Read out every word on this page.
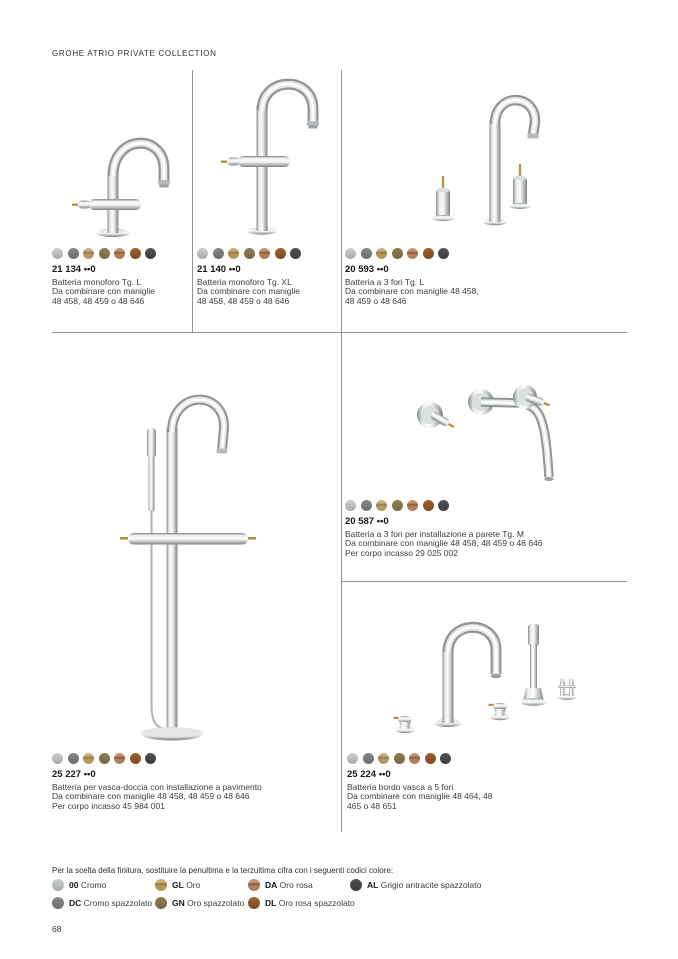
GROHE ATRIO PRIVATE COLLECTION
21 134 ••0
Batteria monoforo Tg. L
Da combinare con maniglie
48 458, 48 459 o 48 646
21 140 ••0
Batteria monoforo Tg. XL
Da combinare con maniglie
48 458, 48 459 o 48 646
20 593 ••0
Batteria a 3 fori Tg. L
Da combinare con maniglie 48 458,
48 459 o 48 646
20 587 ••0
Batteria a 3 fori per installazione a parete Tg. M
Da combinare con maniglie 48 458, 48 459 o 48 646
Per corpo incasso 29 025 002
25 227 ••0
Batteria per vasca-doccia con installazione a pavimento
Da combinare con maniglie 48 458, 48 459 o 48 646
Per corpo incasso 45 984 001
25 224 ••0
Batteria bordo vasca a 5 fori
Da combinare con maniglie 48 464, 48
465 o 48 651
Per la scelta della finitura, sostituire la penultima e la terzultima cifra con i seguenti codici colore:
00 Cromo
DC Cromo spazzolato
GL Oro
GN Oro spazzolato
DA Oro rosa
DL Oro rosa spazzolato
AL Grigio antracite spazzolato
68
